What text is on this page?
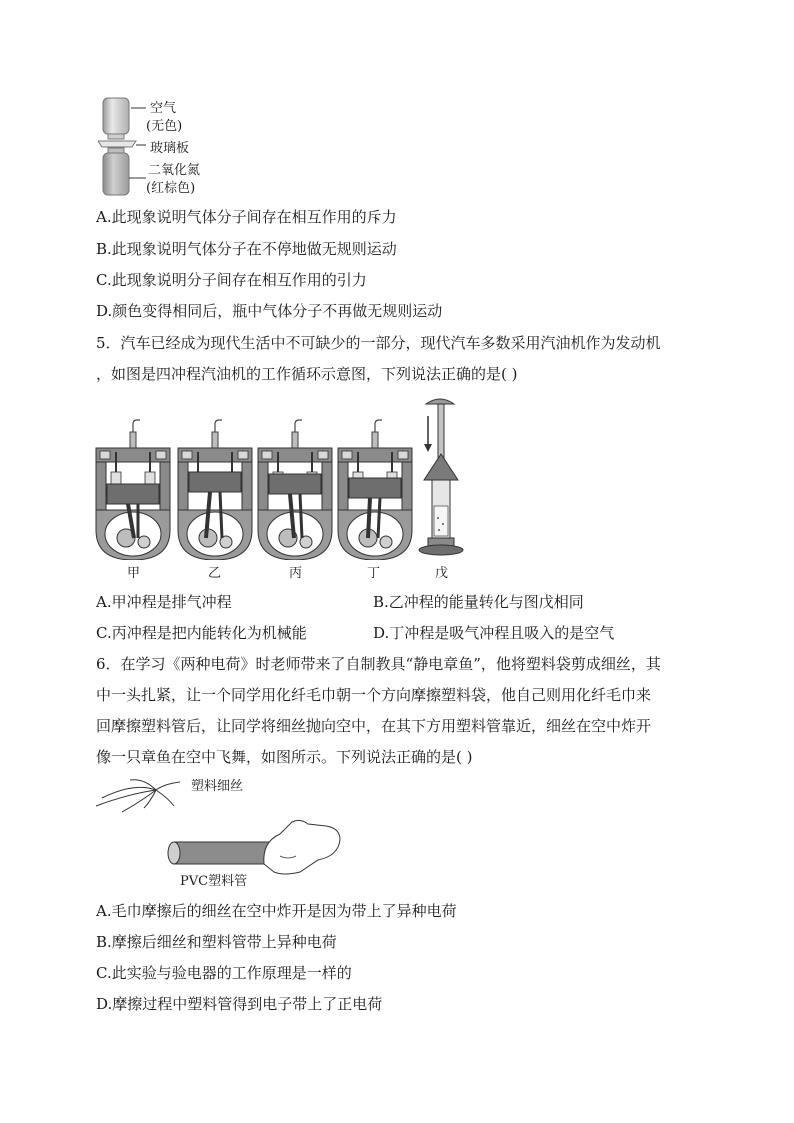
空气
(无色)
玻璃板
二氧化氮
(红棕色)
A.此现象说明气体分子间存在相互作用的斥力
B.此现象说明气体分子在不停地做无规则运动
C.此现象说明分子间存在相互作用的引力
D.颜色变得相同后，瓶中气体分子不再做无规则运动
5．汽车已经成为现代生活中不可缺少的一部分，现代汽车多数采用汽油机作为发动机
，如图是四冲程汽油机的工作循环示意图，下列说法正确的是( )
甲	乙	丙	丁	戊
A.甲冲程是排气冲程	B.乙冲程的能量转化与图戊相同
C.丙冲程是把内能转化为机械能	D.丁冲程是吸气冲程且吸入的是空气
6．在学习《两种电荷》时老师带来了自制教具“静电章鱼”，他将塑料袋剪成细丝，其
中一头扎紧，让一个同学用化纤毛巾朝一个方向摩擦塑料袋，他自己则用化纤毛巾来
回摩擦塑料管后，让同学将细丝抛向空中，在其下方用塑料管靠近，细丝在空中炸开
像一只章鱼在空中飞舞，如图所示。下列说法正确的是( )
塑料细丝
PVC塑料管
A.毛巾摩擦后的细丝在空中炸开是因为带上了异种电荷
B.摩擦后细丝和塑料管带上异种电荷
C.此实验与验电器的工作原理是一样的
D.摩擦过程中塑料管得到电子带上了正电荷
